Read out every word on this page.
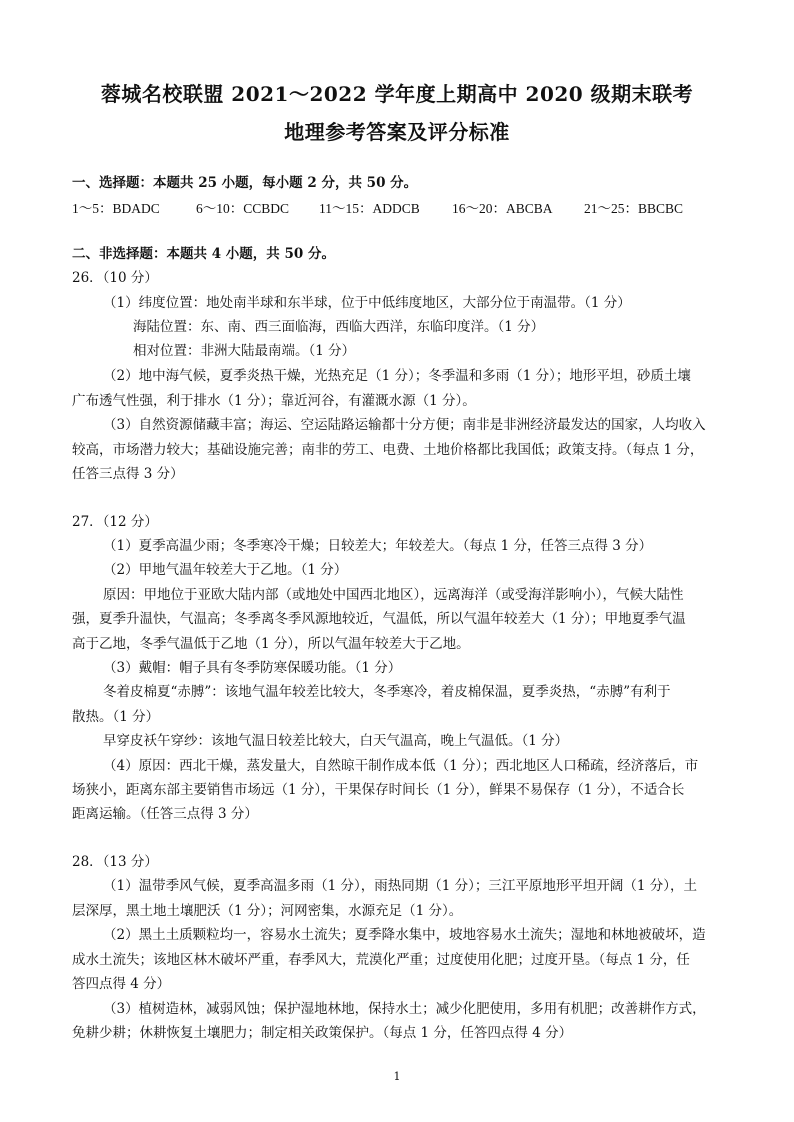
蓉城名校联盟 2021～2022 学年度上期高中 2020 级期末联考
地理参考答案及评分标准
一、选择题：本题共 25 小题，每小题 2 分，共 50 分。
1～5：BDADC	6～10：CCBDC 11～15：ADDCB 16～20：ABCBA 21～25：BBCBC
二、非选择题：本题共 4 小题，共 50 分。
26．（10 分）
（1）纬度位置：地处南半球和东半球，位于中低纬度地区，大部分位于南温带。（1 分）
海陆位置：东、南、西三面临海，西临大西洋，东临印度洋。（1 分）
相对位置：非洲大陆最南端。（1 分）
（2）地中海气候，夏季炎热干燥，光热充足（1 分）；冬季温和多雨（1 分）；地形平坦，砂质土壤
广布透气性强，利于排水（1 分）；靠近河谷，有灌溉水源（1 分）。
（3）自然资源储藏丰富；海运、空运陆路运输都十分方便；南非是非洲经济最发达的国家，人均收入
较高，市场潜力较大；基础设施完善；南非的劳工、电费、土地价格都比我国低；政策支持。（每点 1 分，
任答三点得 3 分）
27．（12 分）
（1）夏季高温少雨；冬季寒冷干燥；日较差大；年较差大。（每点 1 分，任答三点得 3 分）
（2）甲地气温年较差大于乙地。（1 分）
原因：甲地位于亚欧大陆内部（或地处中国西北地区），远离海洋（或受海洋影响小），气候大陆性
强，夏季升温快，气温高；冬季离冬季风源地较近，气温低，所以气温年较差大（1 分）；甲地夏季气温
高于乙地，冬季气温低于乙地（1 分），所以气温年较差大于乙地。
（3）戴帽：帽子具有冬季防寒保暖功能。（1 分）
冬着皮棉夏“赤膊”：该地气温年较差比较大，冬季寒冷，着皮棉保温，夏季炎热，“赤膊”有利于
散热。（1 分）
早穿皮袄午穿纱：该地气温日较差比较大，白天气温高，晚上气温低。（1 分）
（4）原因：西北干燥，蒸发量大，自然晾干制作成本低（1 分）；西北地区人口稀疏，经济落后，市
场狭小，距离东部主要销售市场远（1 分），干果保存时间长（1 分），鲜果不易保存（1 分），不适合长
距离运输。（任答三点得 3 分）
28．（13 分）
（1）温带季风气候，夏季高温多雨（1 分），雨热同期（1 分）；三江平原地形平坦开阔（1 分），土
层深厚，黑土地土壤肥沃（1 分）；河网密集，水源充足（1 分）。
（2）黑土土质颗粒均一，容易水土流失；夏季降水集中，坡地容易水土流失；湿地和林地被破坏，造
成水土流失；该地区林木破坏严重，春季风大，荒漠化严重；过度使用化肥；过度开垦。（每点 1 分，任
答四点得 4 分）
（3）植树造林，减弱风蚀；保护湿地林地，保持水土；减少化肥使用，多用有机肥；改善耕作方式，
免耕少耕；休耕恢复土壤肥力；制定相关政策保护。（每点 1 分，任答四点得 4 分）
1
